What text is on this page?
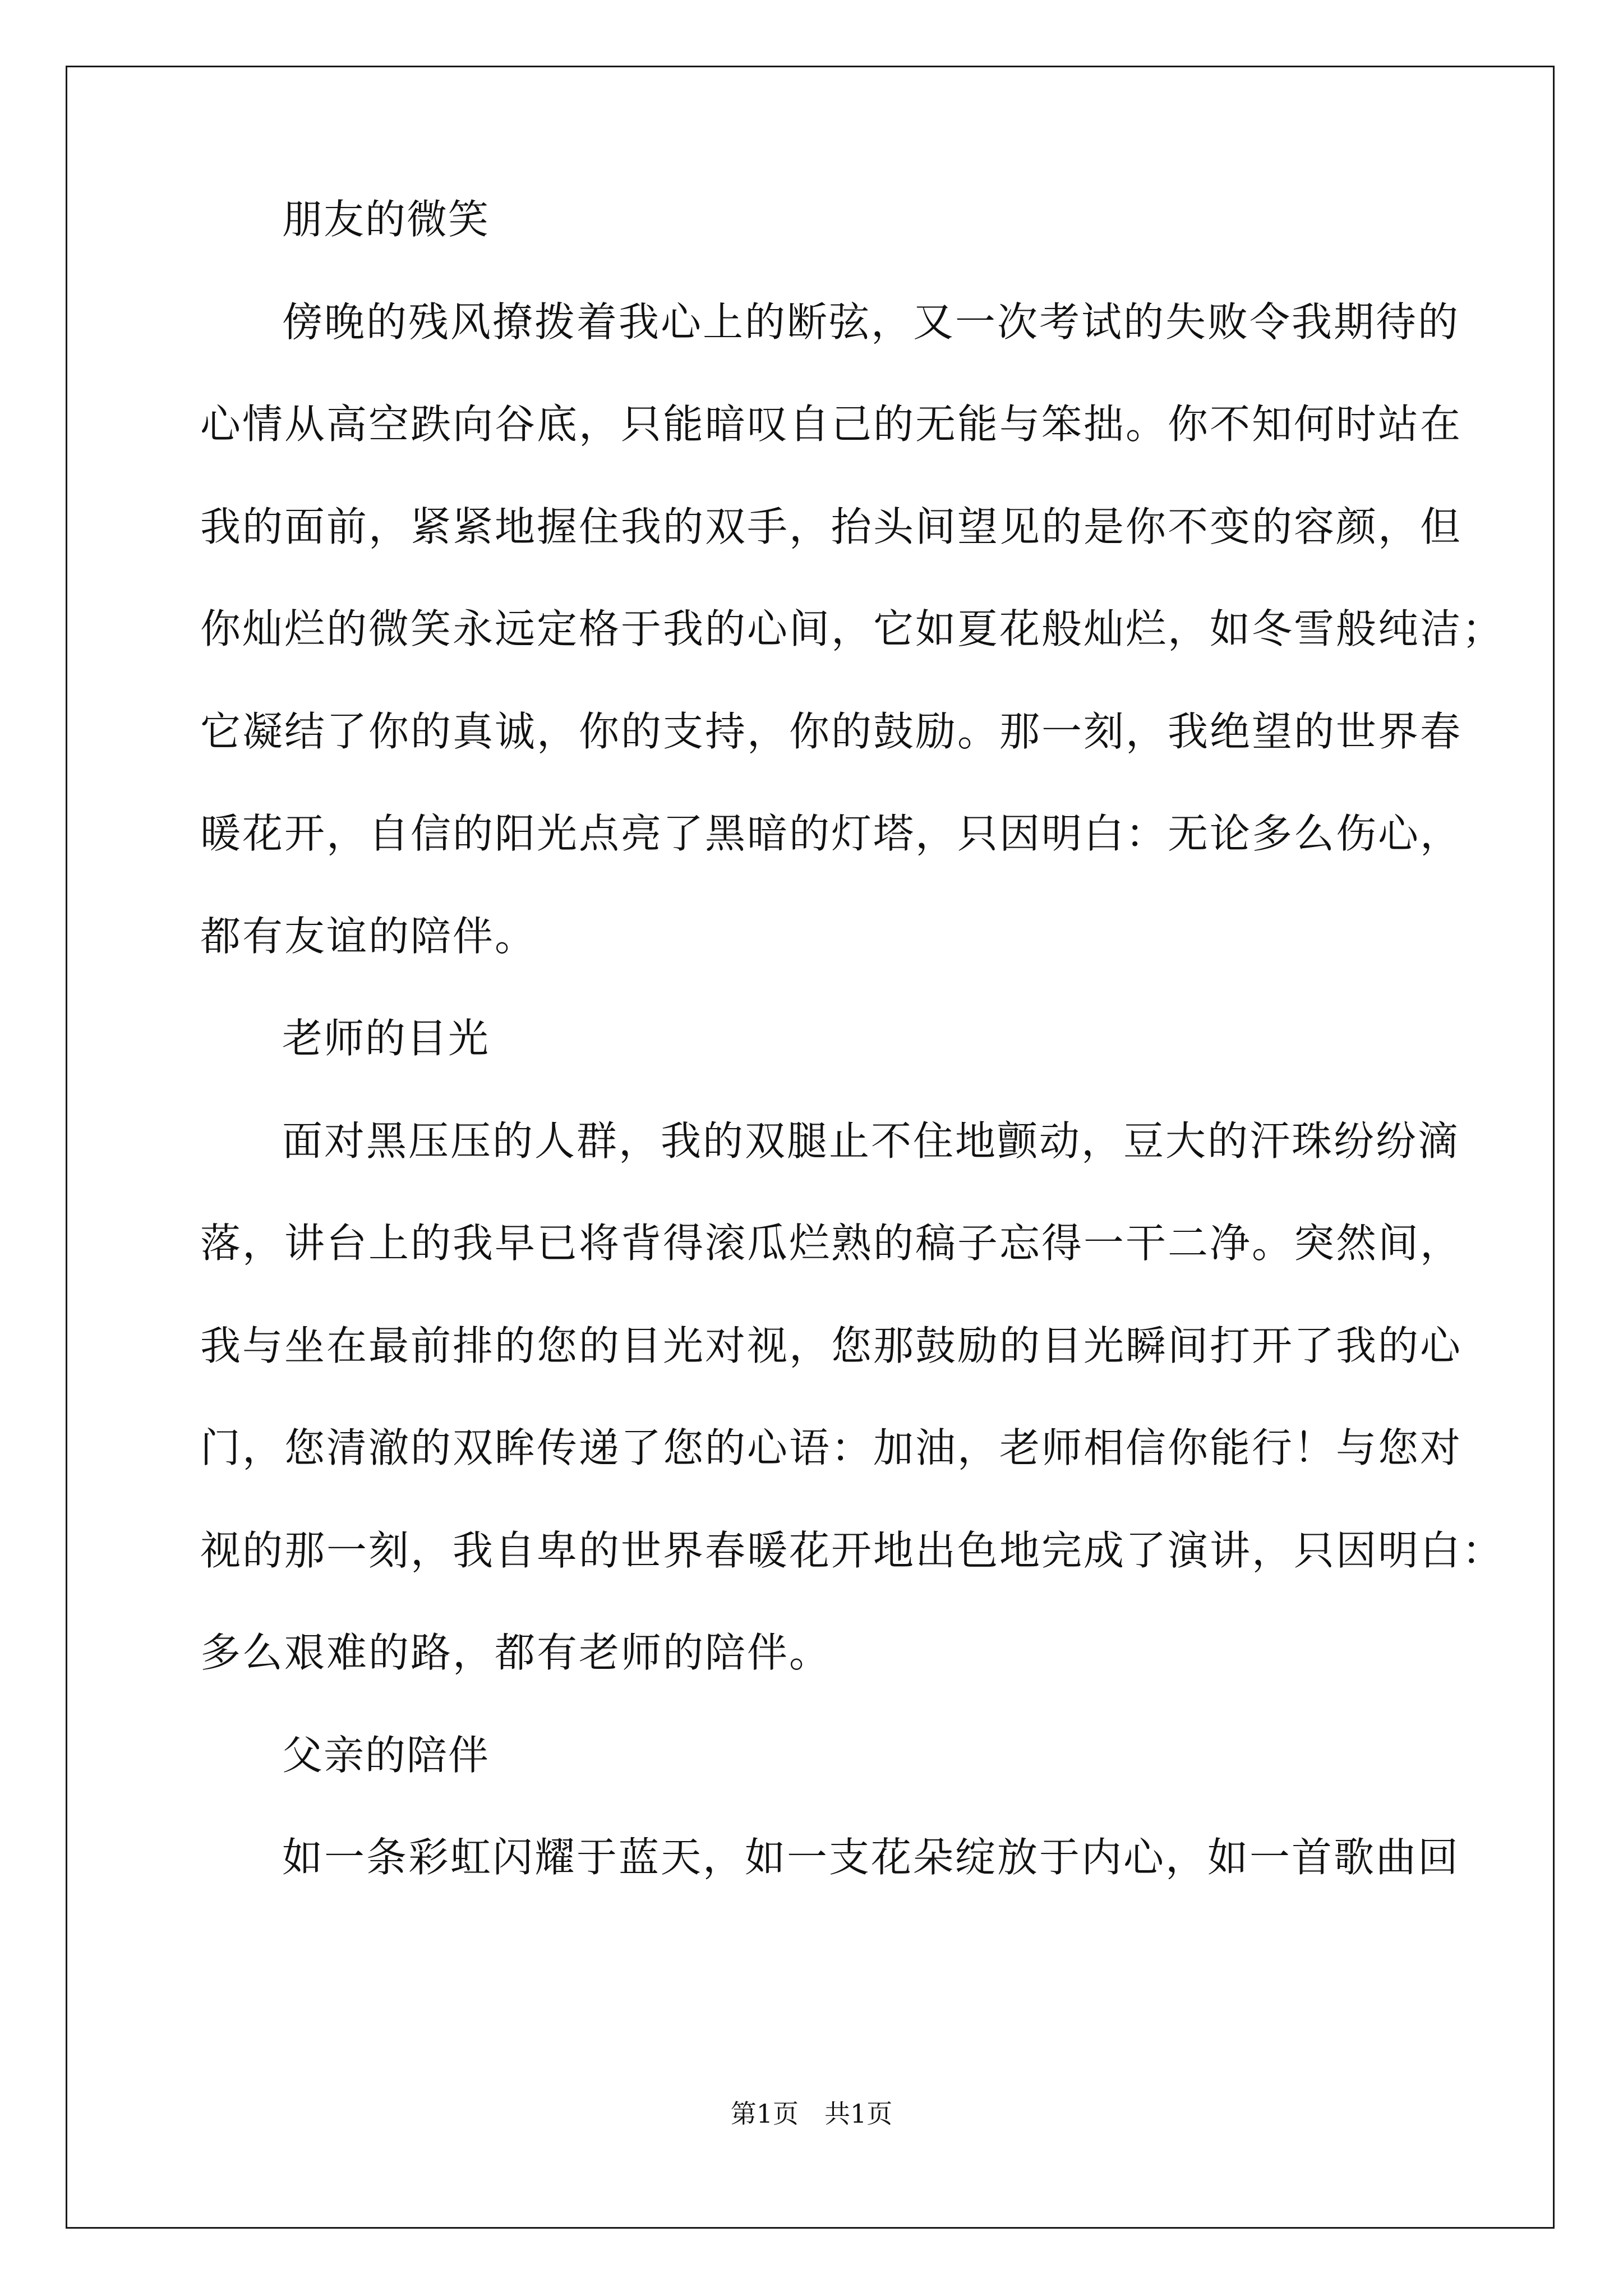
朋友的微笑
傍晚的残风撩拨着我心上的断弦，又一次考试的失败令我期待的
心情从高空跌向谷底，只能暗叹自己的无能与笨拙。你不知何时站在
我的面前，紧紧地握住我的双手，抬头间望见的是你不变的容颜，但
你灿烂的微笑永远定格于我的心间，它如夏花般灿烂，如冬雪般纯洁；
它凝结了你的真诚，你的支持，你的鼓励。那一刻，我绝望的世界春
暖花开，自信的阳光点亮了黑暗的灯塔，只因明白：无论多么伤心，
都有友谊的陪伴。
老师的目光
面对黑压压的人群，我的双腿止不住地颤动，豆大的汗珠纷纷滴
落，讲台上的我早已将背得滚瓜烂熟的稿子忘得一干二净。突然间，
我与坐在最前排的您的目光对视，您那鼓励的目光瞬间打开了我的心
门，您清澈的双眸传递了您的心语：加油，老师相信你能行！与您对
视的那一刻，我自卑的世界春暖花开地出色地完成了演讲，只因明白：
多么艰难的路，都有老师的陪伴。
父亲的陪伴
如一条彩虹闪耀于蓝天，如一支花朵绽放于内心，如一首歌曲回
第1页　共1页
